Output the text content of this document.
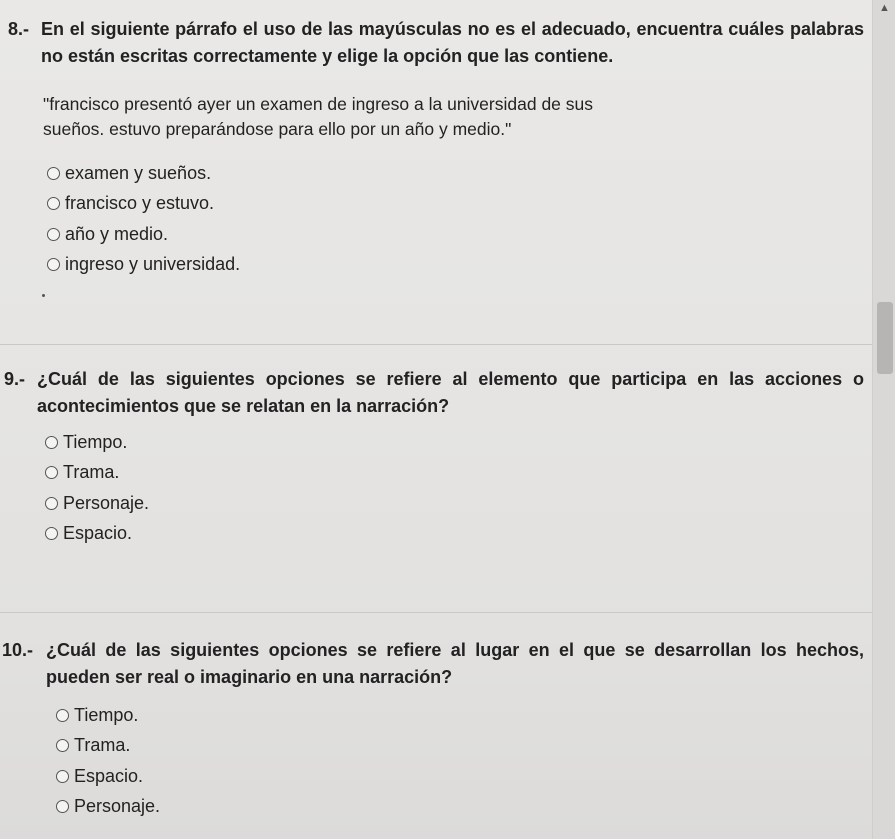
8.- En el siguiente párrafo el uso de las mayúsculas no es el adecuado, encuentra cuáles palabras no están escritas correctamente y elige la opción que las contiene.

"francisco presentó ayer un examen de ingreso a la universidad de sus
sueños. estuvo preparándose para ello por un año y medio."

examen y sueños.
francisco y estuvo.
año y medio.
ingreso y universidad.
9.- ¿Cuál de las siguientes opciones se refiere al elemento que participa en las acciones o acontecimientos que se relatan en la narración?
Tiempo.
Trama.
Personaje.
Espacio.
10.- ¿Cuál de las siguientes opciones se refiere al lugar en el que se desarrollan los hechos, pueden ser real o imaginario en una narración?
Tiempo.
Trama.
Espacio.
Personaje.
▲
